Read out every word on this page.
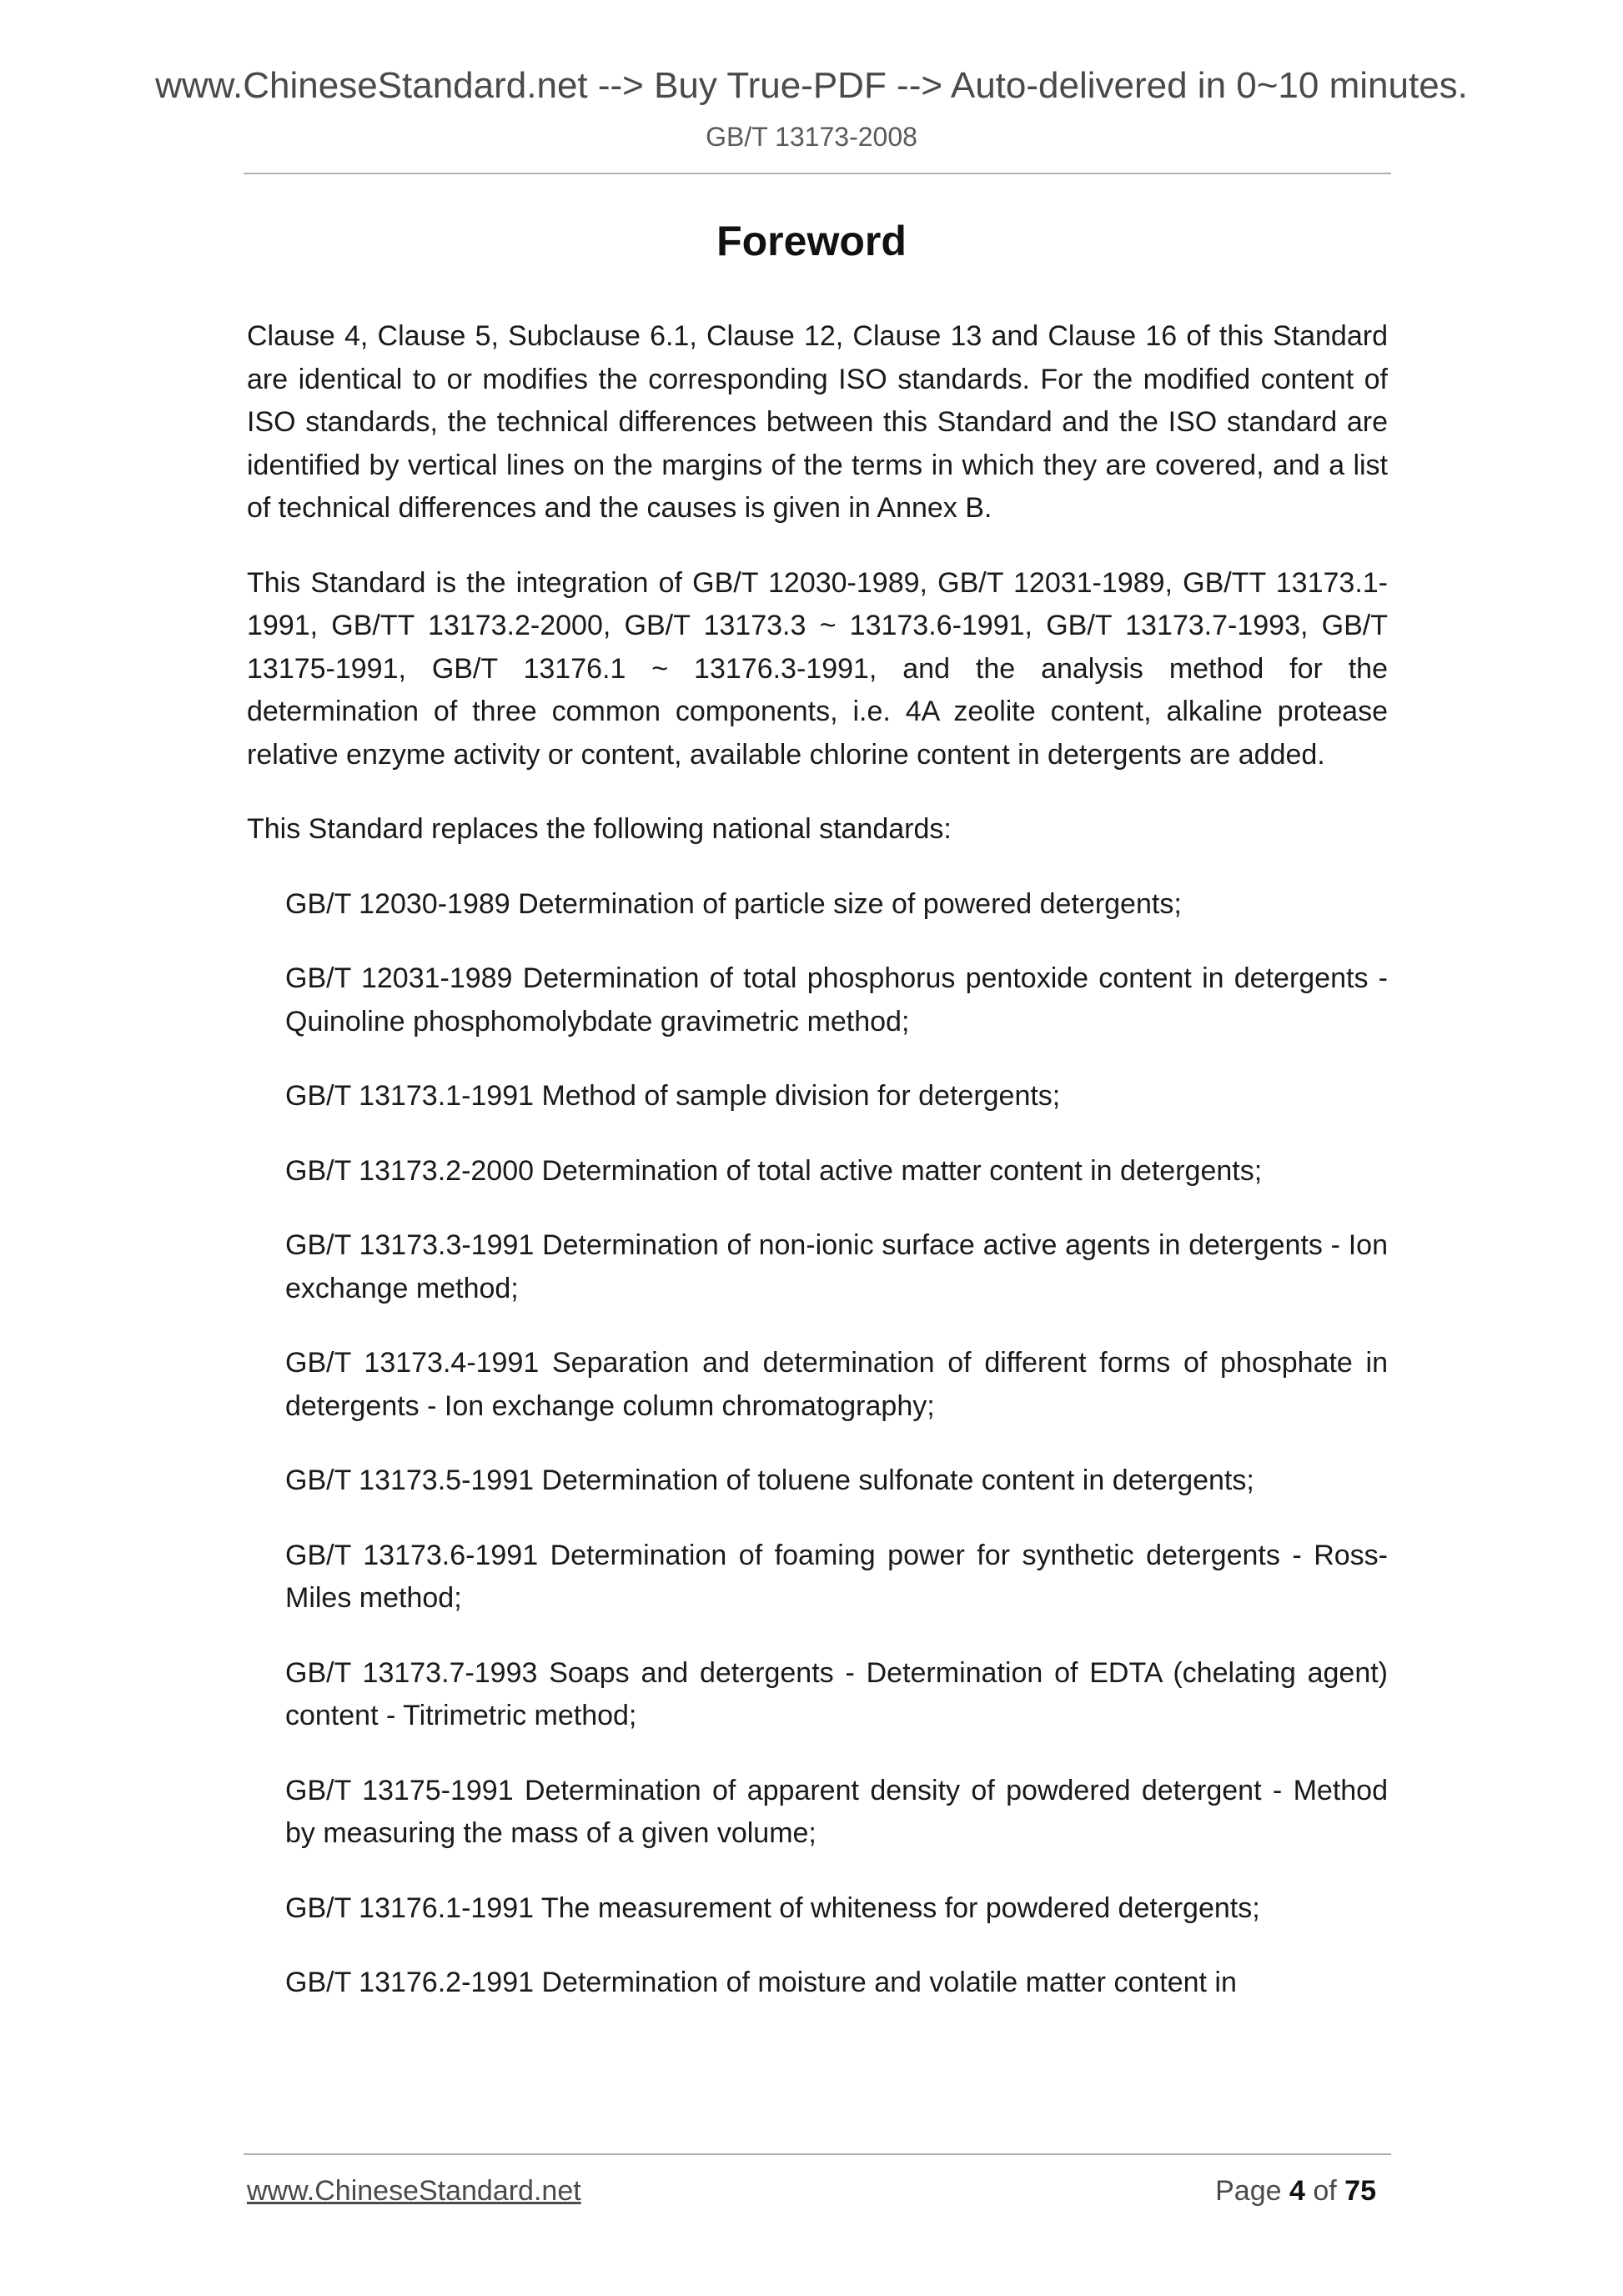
www.ChineseStandard.net --> Buy True-PDF --> Auto-delivered in 0~10 minutes.
GB/T 13173-2008
Foreword

Clause 4, Clause 5, Subclause 6.1, Clause 12, Clause 13 and Clause 16 of this Standard are identical to or modifies the corresponding ISO standards. For the modified content of ISO standards, the technical differences between this Standard and the ISO standard are identified by vertical lines on the margins of the terms in which they are covered, and a list of technical differences and the causes is given in Annex B.

This Standard is the integration of GB/T 12030-1989, GB/T 12031-1989, GB/TT 13173.1-1991, GB/TT 13173.2-2000, GB/T 13173.3 ~ 13173.6-1991, GB/T 13173.7-1993, GB/T 13175-1991, GB/T 13176.1 ~ 13176.3-1991, and the analysis method for the determination of three common components, i.e. 4A zeolite content, alkaline protease relative enzyme activity or content, available chlorine content in detergents are added.

This Standard replaces the following national standards:

GB/T 12030-1989 Determination of particle size of powered detergents;

GB/T 12031-1989 Determination of total phosphorus pentoxide content in detergents - Quinoline phosphomolybdate gravimetric method;

GB/T 13173.1-1991 Method of sample division for detergents;

GB/T 13173.2-2000 Determination of total active matter content in detergents;

GB/T 13173.3-1991 Determination of non-ionic surface active agents in detergents - Ion exchange method;

GB/T 13173.4-1991 Separation and determination of different forms of phosphate in detergents - Ion exchange column chromatography;

GB/T 13173.5-1991 Determination of toluene sulfonate content in detergents;

GB/T 13173.6-1991 Determination of foaming power for synthetic detergents - Ross-Miles method;

GB/T 13173.7-1993 Soaps and detergents - Determination of EDTA (chelating agent) content - Titrimetric method;

GB/T 13175-1991 Determination of apparent density of powdered detergent - Method by measuring the mass of a given volume;

GB/T 13176.1-1991 The measurement of whiteness for powdered detergents;

GB/T 13176.2-1991 Determination of moisture and volatile matter content in

www.ChineseStandard.net	Page 4 of 75
